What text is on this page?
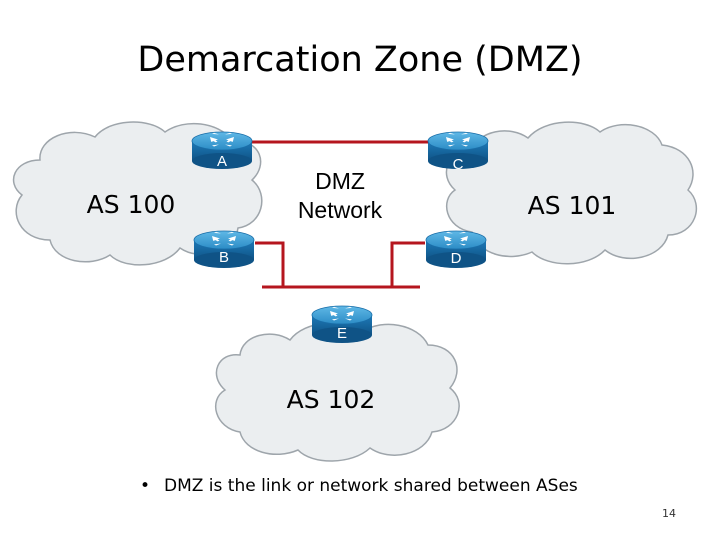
Demarcation Zone (DMZ)
AS 100	AS 101
AS 102
A
B
C
D
E
DMZ
Network
• DMZ is the link or network shared between ASes
14
